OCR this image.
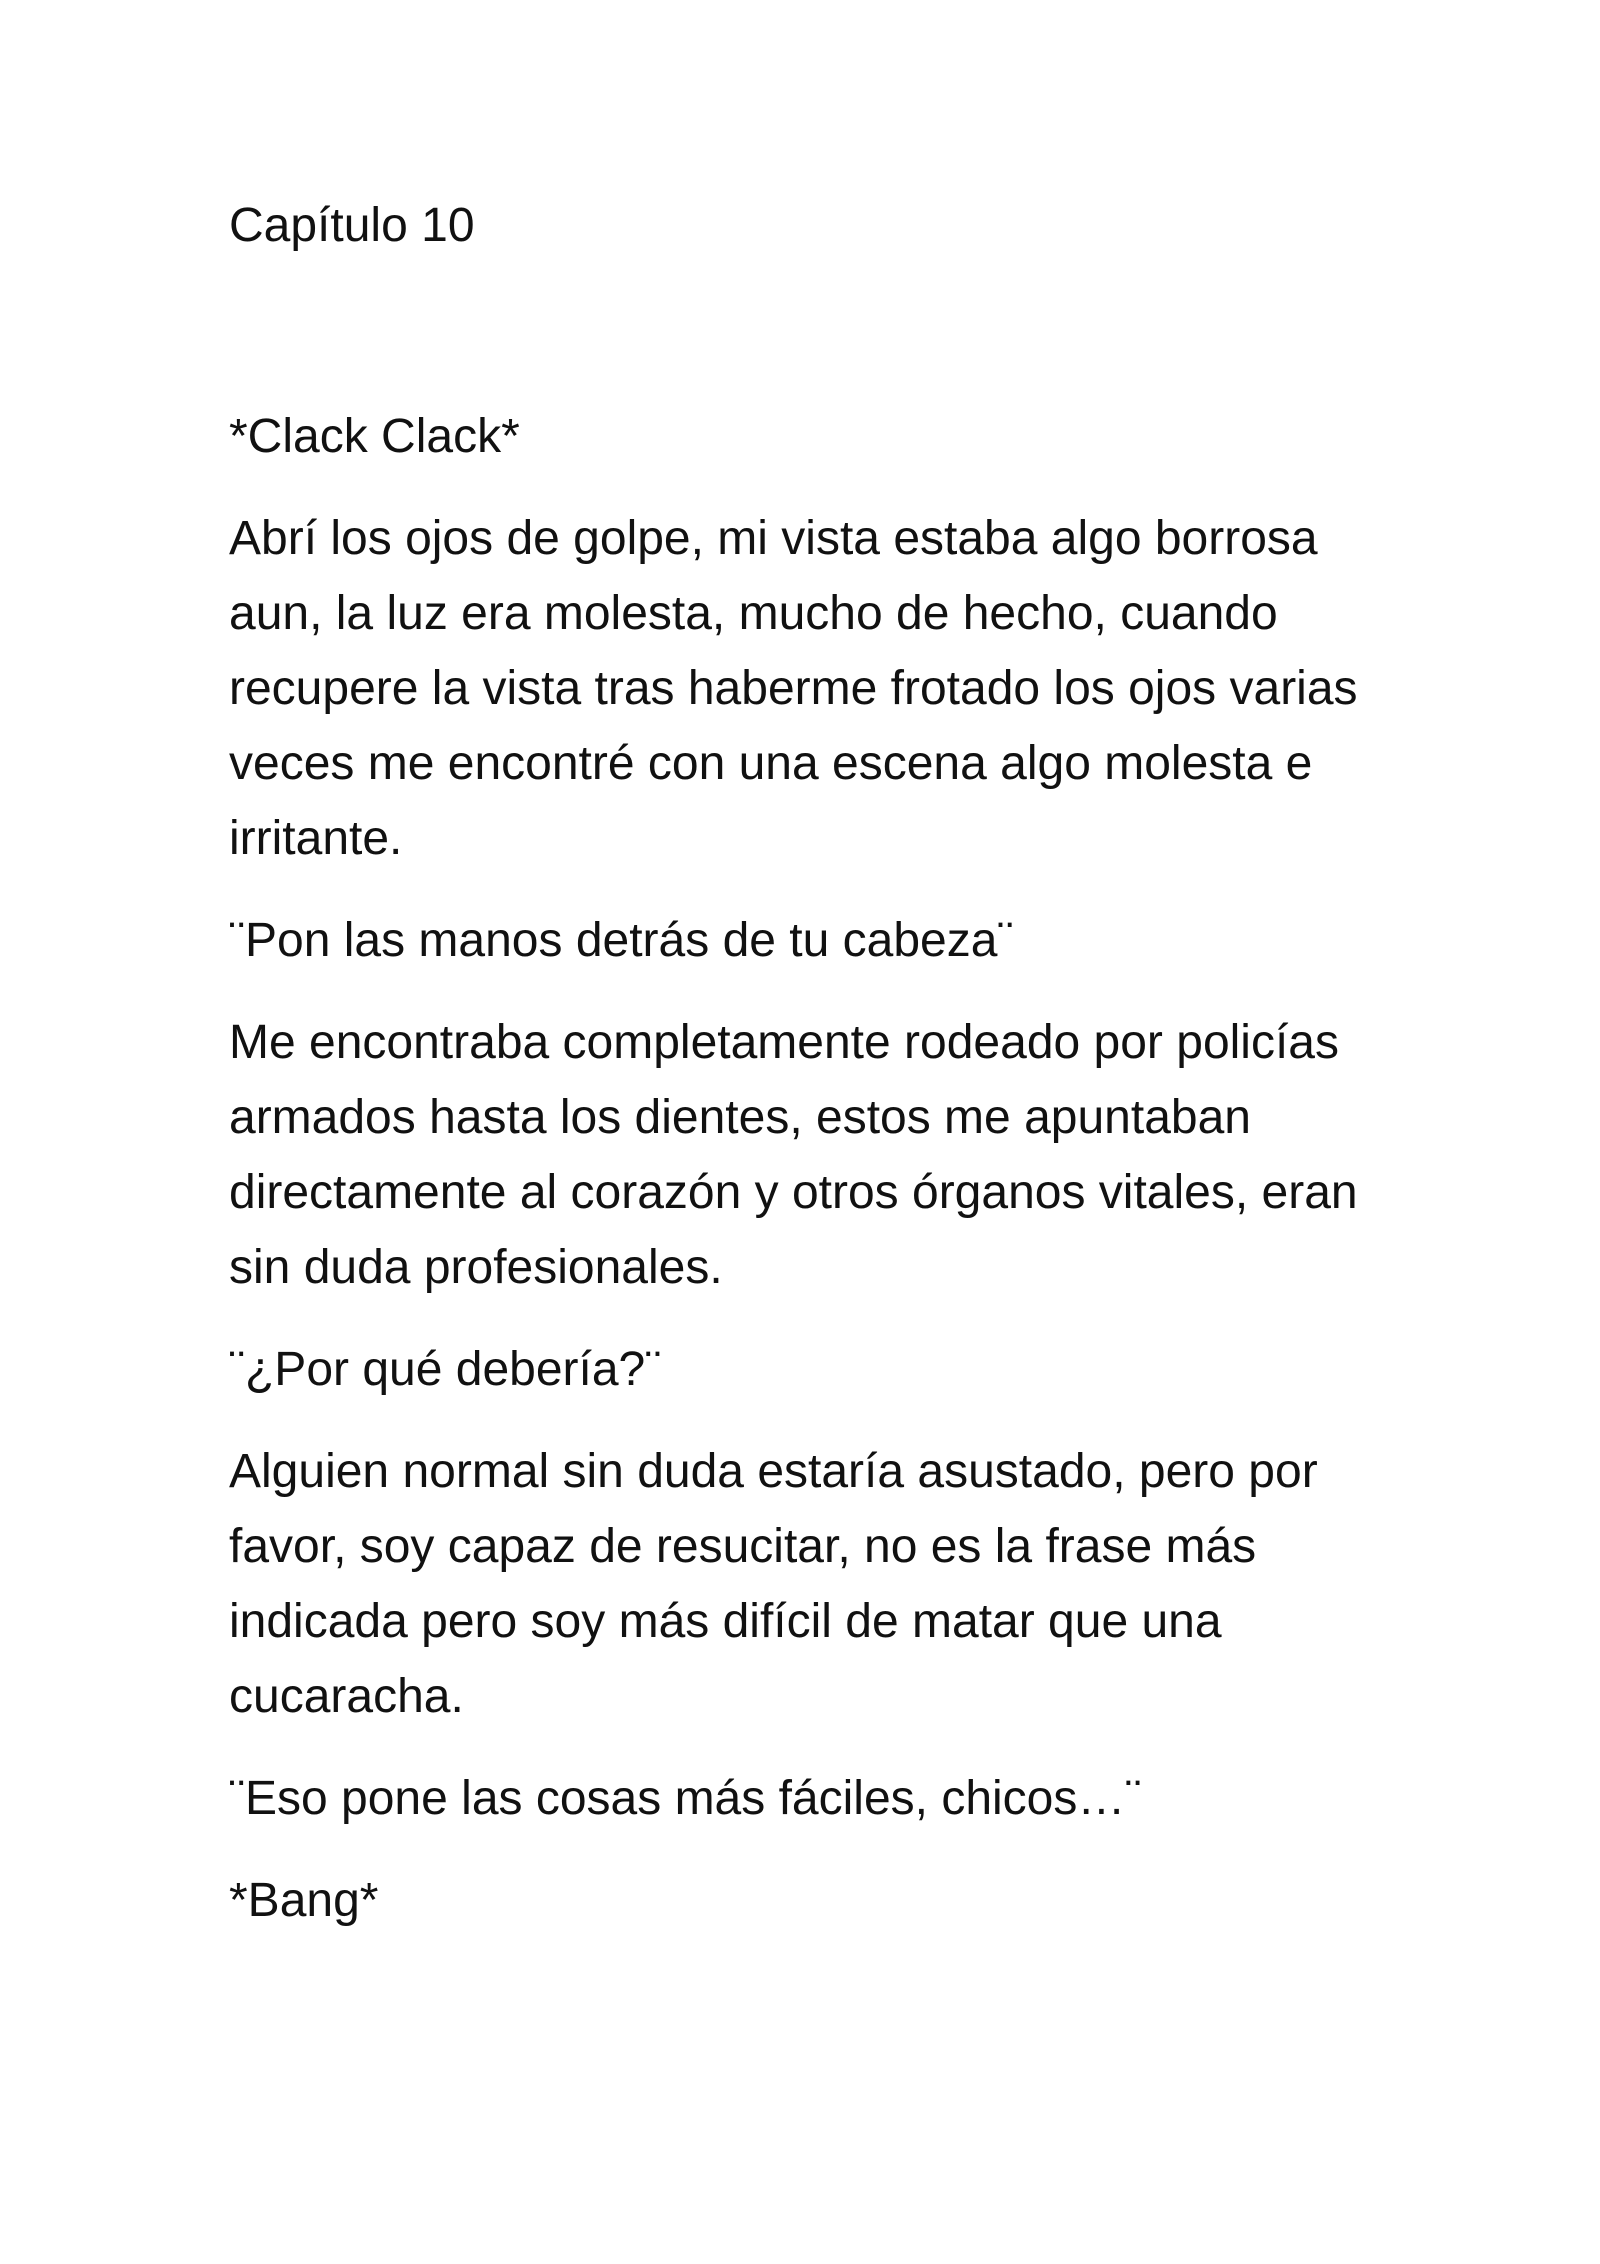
Capítulo 10

*Clack Clack*

Abrí los ojos de golpe, mi vista estaba algo borrosa aun, la luz era molesta, mucho de hecho, cuando recupere la vista tras haberme frotado los ojos varias veces me encontré con una escena algo molesta e irritante.

¨Pon las manos detrás de tu cabeza¨

Me encontraba completamente rodeado por policías armados hasta los dientes, estos me apuntaban directamente al corazón y otros órganos vitales, eran sin duda profesionales.

¨¿Por qué debería?¨

Alguien normal sin duda estaría asustado, pero por favor, soy capaz de resucitar, no es la frase más indicada pero soy más difícil de matar que una cucaracha.

¨Eso pone las cosas más fáciles, chicos…¨

*Bang*
